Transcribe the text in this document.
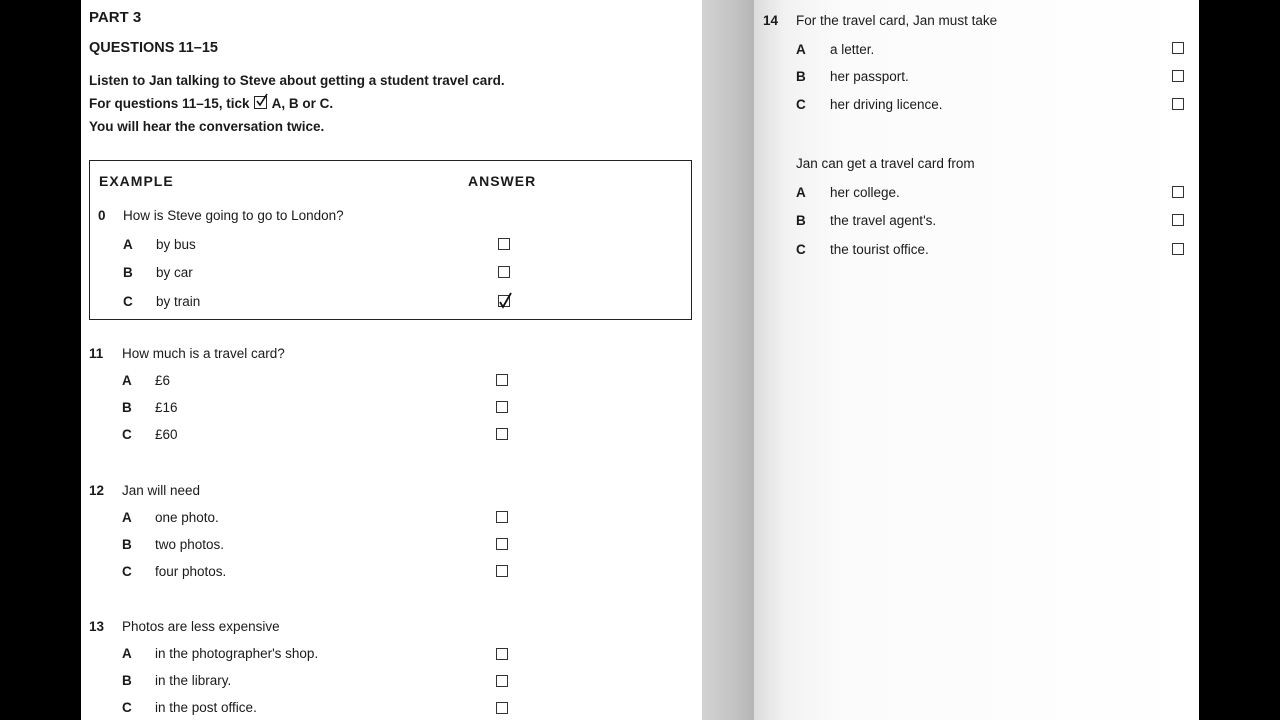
PART 3
QUESTIONS 11–15
Listen to Jan talking to Steve about getting a student travel card.
For questions 11–15, tick A, B or C.
You will hear the conversation twice.
EXAMPLE	ANSWER
0 How is Steve going to go to London?
A by bus
B by car
C by train
11 How much is a travel card?
A £6
B £16
C £60
12 Jan will need
A one photo.
B two photos.
C four photos.
13 Photos are less expensive
A in the photographer's shop.
B in the library.
C in the post office.
14 For the travel card, Jan must take
A a letter.
B her passport.
C her driving licence.
Jan can get a travel card from
A her college.
B the travel agent's.
C the tourist office.
